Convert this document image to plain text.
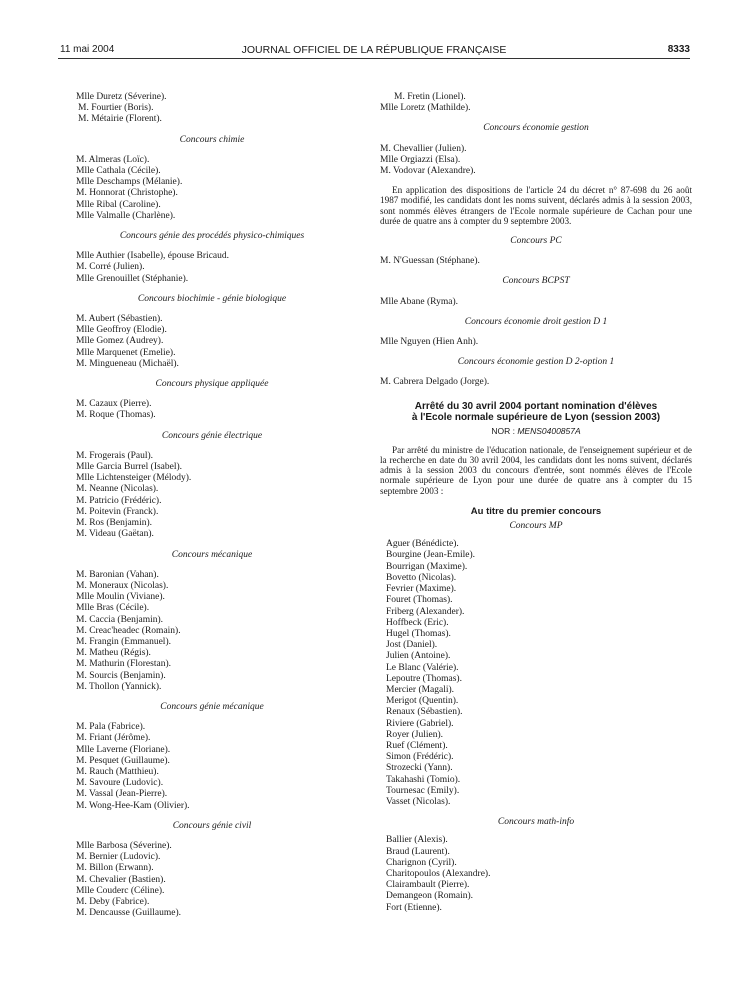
11 mai 2004	JOURNAL OFFICIEL DE LA RÉPUBLIQUE FRANÇAISE	8333
Mlle Duretz (Séverine).
M. Fourtier (Boris).
M. Métairie (Florent).
Concours chimie
M. Almeras (Loïc).
Mlle Cathala (Cécile).
Mlle Deschamps (Mélanie).
M. Honnorat (Christophe).
Mlle Ribal (Caroline).
Mlle Valmalle (Charlène).
Concours génie des procédés physico-chimiques
Mlle Authier (Isabelle), épouse Bricaud.
M. Corré (Julien).
Mlle Grenouillet (Stéphanie).
Concours biochimie - génie biologique
M. Aubert (Sébastien).
Mlle Geoffroy (Elodie).
Mlle Gomez (Audrey).
Mlle Marquenet (Emelie).
M. Mingueneau (Michaël).
Concours physique appliquée
M. Cazaux (Pierre).
M. Roque (Thomas).
Concours génie électrique
M. Frogerais (Paul).
Mlle Garcia Burrel (Isabel).
Mlle Lichtensteiger (Mélody).
M. Neanne (Nicolas).
M. Patricio (Frédéric).
M. Poitevin (Franck).
M. Ros (Benjamin).
M. Videau (Gaëtan).
Concours mécanique
M. Baronian (Vahan).
M. Moneraux (Nicolas).
Mlle Moulin (Viviane).
Mlle Bras (Cécile).
M. Caccia (Benjamin).
M. Creac'headec (Romain).
M. Frangin (Emmanuel).
M. Matheu (Régis).
M. Mathurin (Florestan).
M. Sourcis (Benjamin).
M. Thollon (Yannick).
Concours génie mécanique
M. Pala (Fabrice).
M. Friant (Jérôme).
Mlle Laverne (Floriane).
M. Pesquet (Guillaume).
M. Rauch (Matthieu).
M. Savoure (Ludovic).
M. Vassal (Jean-Pierre).
M. Wong-Hee-Kam (Olivier).
Concours génie civil
Mlle Barbosa (Séverine).
M. Bernier (Ludovic).
M. Billon (Erwann).
M. Chevalier (Bastien).
Mlle Couderc (Céline).
M. Deby (Fabrice).
M. Dencausse (Guillaume).
M. Fretin (Lionel).
Mlle Loretz (Mathilde).
Concours économie gestion
M. Chevallier (Julien).
Mlle Orgiazzi (Elsa).
M. Vodovar (Alexandre).

En application des dispositions de l'article 24 du décret n° 87-698 du 26 août 1987 modifié, les candidats dont les noms suivent, déclarés admis à la session 2003, sont nommés élèves étrangers de l'Ecole normale supérieure de Cachan pour une durée de quatre ans à compter du 9 septembre 2003.

Concours PC
M. N'Guessan (Stéphane).
Concours BCPST
Mlle Abane (Ryma).
Concours économie droit gestion D 1
Mlle Nguyen (Hien Anh).
Concours économie gestion D 2-option 1
M. Cabrera Delgado (Jorge).
Arrêté du 30 avril 2004 portant nomination d'élèves
à l'Ecole normale supérieure de Lyon (session 2003)
NOR : MENS0400857A

Par arrêté du ministre de l'éducation nationale, de l'enseignement supérieur et de la recherche en date du 30 avril 2004, les candidats dont les noms suivent, déclarés admis à la session 2003 du concours d'entrée, sont nommés élèves de l'Ecole normale supérieure de Lyon pour une durée de quatre ans à compter du 15 septembre 2003 :

Au titre du premier concours
Concours MP
Aguer (Bénédicte).
Bourgine (Jean-Emile).
Bourrigan (Maxime).
Bovetto (Nicolas).
Fevrier (Maxime).
Fouret (Thomas).
Friberg (Alexander).
Hoffbeck (Eric).
Hugel (Thomas).
Jost (Daniel).
Julien (Antoine).
Le Blanc (Valérie).
Lepoutre (Thomas).
Mercier (Magali).
Merigot (Quentin).
Renaux (Sébastien).
Riviere (Gabriel).
Royer (Julien).
Ruef (Clément).
Simon (Frédéric).
Strozecki (Yann).
Takahashi (Tomio).
Tournesac (Emily).
Vasset (Nicolas).
Concours math-info
Ballier (Alexis).
Braud (Laurent).
Charignon (Cyril).
Charitopoulos (Alexandre).
Clairambault (Pierre).
Demangeon (Romain).
Fort (Etienne).
